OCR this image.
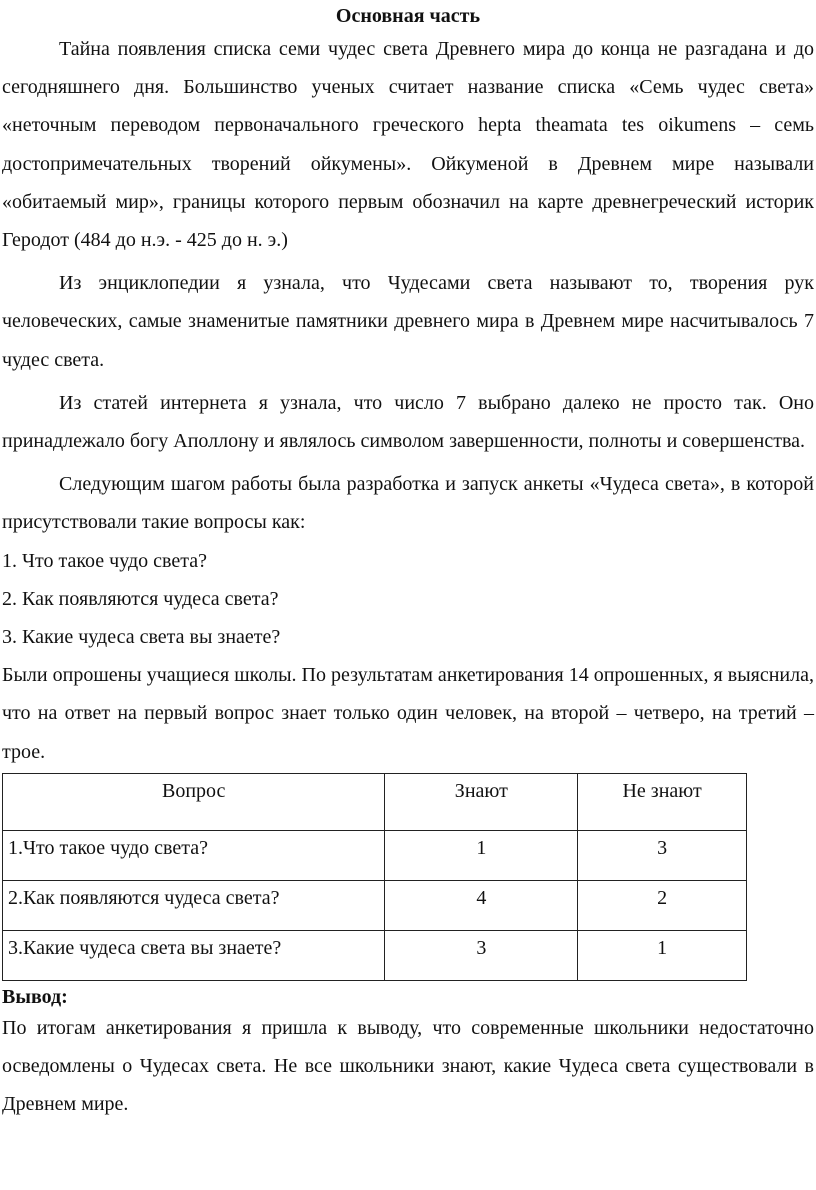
Основная часть

Тайна появления списка семи чудес света Древнего мира до конца не разгадана и до сегодняшнего дня. Большинство ученых считает название списка «Семь чудес света» «неточным переводом первоначального греческого hepta theamata tes oikumens – семь достопримечательных творений ойкумены». Ойкуменой в Древнем мире называли «обитаемый мир», границы которого первым обозначил на карте древнегреческий историк Геродот (484 до н.э. - 425 до н. э.)

Из энциклопедии я узнала, что Чудесами света называют то, творения рук человеческих, самые знаменитые памятники древнего мира в Древнем мире насчитывалось 7 чудес света.

Из статей интернета я узнала, что число 7 выбрано далеко не просто так. Оно принадлежало богу Аполлону и являлось символом завершенности, полноты и совершенства.

Следующим шагом работы была разработка и запуск анкеты «Чудеса света», в которой присутствовали такие вопросы как:

1. Что такое чудо света?

2. Как появляются чудеса света?

3. Какие чудеса света вы знаете?

Были опрошены учащиеся школы. По результатам анкетирования 14 опрошенных, я выяснила, что на ответ на первый вопрос знает только один человек, на второй – четверо, на третий – трое.

Вопрос	Знают	Не знают
1.Что такое чудо света?	1	3
2.Как появляются чудеса света?	4	2
3.Какие чудеса света вы знаете?	3	1
Вывод:

По итогам анкетирования я пришла к выводу, что современные школьники недостаточно осведомлены о Чудесах света. Не все школьники знают, какие Чудеса света существовали в Древнем мире.
